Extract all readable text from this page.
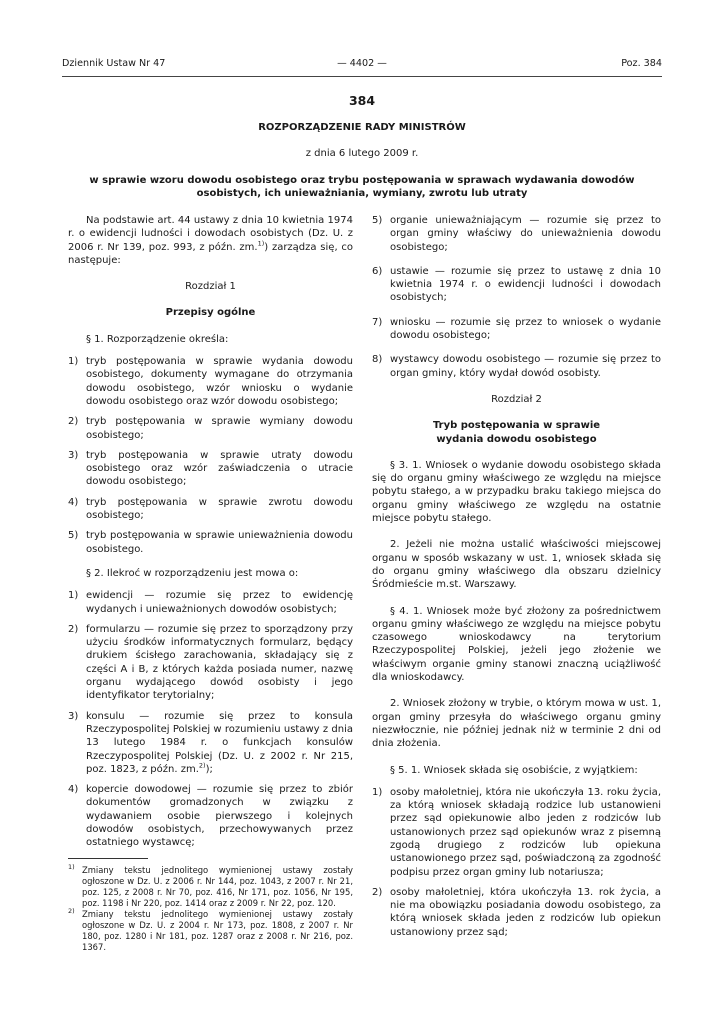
Dziennik Ustaw Nr 47	— 4402 —	Poz. 384
384
ROZPORZĄDZENIE RADY MINISTRÓW
z dnia 6 lutego 2009 r.
w sprawie wzoru dowodu osobistego oraz trybu postępowania w sprawach wydawania dowodów osobistych, ich unieważniania, wymiany, zwrotu lub utraty

Na podstawie art. 44 ustawy z dnia 10 kwietnia 1974 r. o ewidencji ludności i dowodach osobistych (Dz. U. z 2006 r. Nr 139, poz. 993, z późn. zm.$^{1)}$) zarządza się, co następuje:

Rozdział 1

Przepisy ogólne

§ 1. Rozporządzenie określa:

1) tryb postępowania w sprawie wydania dowodu osobistego, dokumenty wymagane do otrzymania dowodu osobistego, wzór wniosku o wydanie dowodu osobistego oraz wzór dowodu osobistego;
2) tryb postępowania w sprawie wymiany dowodu osobistego;
3) tryb postępowania w sprawie utraty dowodu osobistego oraz wzór zaświadczenia o utracie dowodu osobistego;
4) tryb postępowania w sprawie zwrotu dowodu osobistego;
5) tryb postępowania w sprawie unieważnienia dowodu osobistego.

§ 2. Ilekroć w rozporządzeniu jest mowa o:

1) ewidencji — rozumie się przez to ewidencję wydanych i unieważnionych dowodów osobistych;
2) formularzu — rozumie się przez to sporządzony przy użyciu środków informatycznych formularz, będący drukiem ścisłego zarachowania, składający się z części A i B, z których każda posiada numer, nazwę organu wydającego dowód osobisty i jego identyfikator terytorialny;
3) konsulu — rozumie się przez to konsula Rzeczypospolitej Polskiej w rozumieniu ustawy z dnia 13 lutego 1984 r. o funkcjach konsulów Rzeczypospolitej Polskiej (Dz. U. z 2002 r. Nr 215, poz. 1823, z późn. zm.$^{2)}$);
4) kopercie dowodowej — rozumie się przez to zbiór dokumentów gromadzonych w związku z wydawaniem osobie pierwszego i kolejnych dowodów osobistych, przechowywanych przez ostatniego wystawcę;
$^{1)}$ Zmiany tekstu jednolitego wymienionej ustawy zostały ogłoszone w Dz. U. z 2006 r. Nr 144, poz. 1043, z 2007 r. Nr 21, poz. 125, z 2008 r. Nr 70, poz. 416, Nr 171, poz. 1056, Nr 195, poz. 1198 i Nr 220, poz. 1414 oraz z 2009 r. Nr 22, poz. 120.
$^{2)}$ Zmiany tekstu jednolitego wymienionej ustawy zostały ogłoszone w Dz. U. z 2004 r. Nr 173, poz. 1808, z 2007 r. Nr 180, poz. 1280 i Nr 181, poz. 1287 oraz z 2008 r. Nr 216, poz. 1367.
5) organie unieważniającym — rozumie się przez to organ gminy właściwy do unieważnienia dowodu osobistego;
6) ustawie — rozumie się przez to ustawę z dnia 10 kwietnia 1974 r. o ewidencji ludności i dowodach osobistych;
7) wniosku — rozumie się przez to wniosek o wydanie dowodu osobistego;
8) wystawcy dowodu osobistego — rozumie się przez to organ gminy, który wydał dowód osobisty.

Rozdział 2

Tryb postępowania w sprawie wydania dowodu osobistego

§ 3. 1. Wniosek o wydanie dowodu osobistego składa się do organu gminy właściwego ze względu na miejsce pobytu stałego, a w przypadku braku takiego miejsca do organu gminy właściwego ze względu na ostatnie miejsce pobytu stałego.

2. Jeżeli nie można ustalić właściwości miejscowej organu w sposób wskazany w ust. 1, wniosek składa się do organu gminy właściwego dla obszaru dzielnicy Śródmieście m.st. Warszawy.

§ 4. 1. Wniosek może być złożony za pośrednictwem organu gminy właściwego ze względu na miejsce pobytu czasowego wnioskodawcy na terytorium Rzeczypospolitej Polskiej, jeżeli jego złożenie we właściwym organie gminy stanowi znaczną uciążliwość dla wnioskodawcy.

2. Wniosek złożony w trybie, o którym mowa w ust. 1, organ gminy przesyła do właściwego organu gminy niezwłocznie, nie później jednak niż w terminie 2 dni od dnia złożenia.

§ 5. 1. Wniosek składa się osobiście, z wyjątkiem:

1) osoby małoletniej, która nie ukończyła 13. roku życia, za którą wniosek składają rodzice lub ustanowieni przez sąd opiekunowie albo jeden z rodziców lub ustanowionych przez sąd opiekunów wraz z pisemną zgodą drugiego z rodziców lub opiekuna ustanowionego przez sąd, poświadczoną za zgodność podpisu przez organ gminy lub notariusza;
2) osoby małoletniej, która ukończyła 13. rok życia, a nie ma obowiązku posiadania dowodu osobistego, za którą wniosek składa jeden z rodziców lub opiekun ustanowiony przez sąd;
